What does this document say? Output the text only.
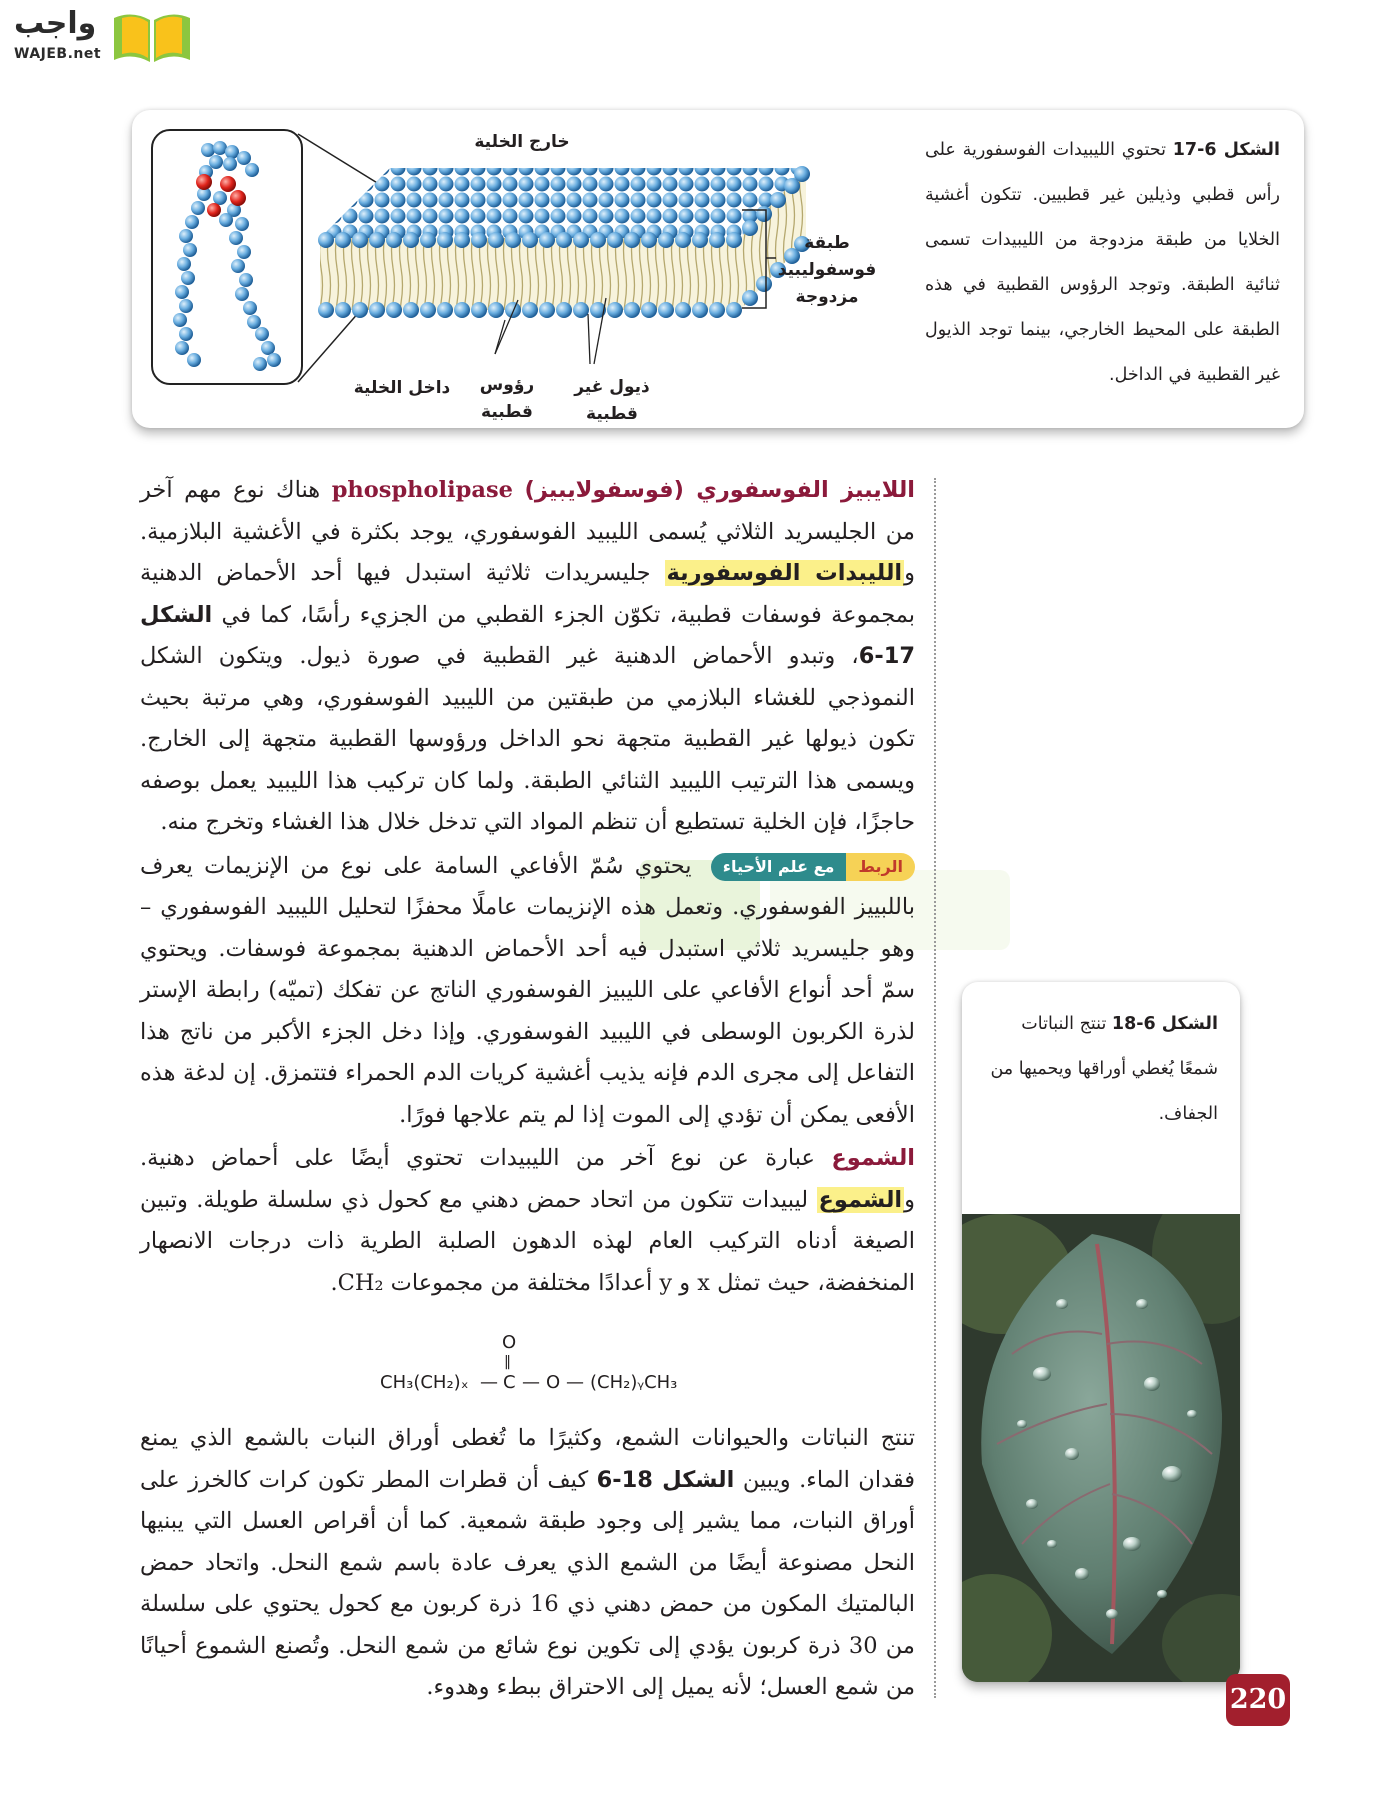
واجب
WAJEB.net
الشكل 6-17 تحتوي الليبيدات الفوسفورية على رأس قطبي وذيلين غير قطبيين. تتكون أغشية الخلايا من طبقة مزدوجة من الليبيدات تسمى ثنائية الطبقة. وتوجد الرؤوس القطبية في هذه الطبقة على المحيط الخارجي، بينما توجد الذيول غير القطبية في الداخل.
خارج الخلية
داخل الخلية
طبقة فوسفوليبيد مزدوجة
رؤوس قطبية
ذيول غير قطبية

اللايبيز الفوسفوري (فوسفولايبيز) phospholipase هناك نوع مهم آخر من الجليسريد الثلاثي يُسمى الليبيد الفوسفوري، يوجد بكثرة في الأغشية البلازمية. والليبدات الفوسفورية جليسريدات ثلاثية استبدل فيها أحد الأحماض الدهنية بمجموعة فوسفات قطبية، تكوّن الجزء القطبي من الجزيء رأسًا، كما في الشكل 17-6، وتبدو الأحماض الدهنية غير القطبية في صورة ذيول. ويتكون الشكل النموذجي للغشاء البلازمي من طبقتين من الليبيد الفوسفوري، وهي مرتبة بحيث تكون ذيولها غير القطبية متجهة نحو الداخل ورؤوسها القطبية متجهة إلى الخارج. ويسمى هذا الترتيب الليبيد الثنائي الطبقة. ولما كان تركيب هذا الليبيد يعمل بوصفه حاجزًا، فإن الخلية تستطيع أن تنظم المواد التي تدخل خلال هذا الغشاء وتخرج منه.

الربطمع علم الأحياء يحتوي سُمّ الأفاعي السامة على نوع من الإنزيمات يعرف باللبييز الفوسفوري. وتعمل هذه الإنزيمات عاملًا محفزًا لتحليل الليبيد الفوسفوري – وهو جليسريد ثلاثي استبدل فيه أحد الأحماض الدهنية بمجموعة فوسفات. ويحتوي سمّ أحد أنواع الأفاعي على الليبيز الفوسفوري الناتج عن تفكك (تميّه) رابطة الإستر لذرة الكربون الوسطى في الليبيد الفوسفوري. وإذا دخل الجزء الأكبر من ناتج هذا التفاعل إلى مجرى الدم فإنه يذيب أغشية كريات الدم الحمراء فتتمزق. إن لدغة هذه الأفعى يمكن أن تؤدي إلى الموت إذا لم يتم علاجها فورًا.

الشموع عبارة عن نوع آخر من الليبيدات تحتوي أيضًا على أحماض دهنية. والشموع ليبيدات تتكون من اتحاد حمض دهني مع كحول ذي سلسلة طويلة. وتبين الصيغة أدناه التركيب العام لهذه الدهون الصلبة الطرية ذات درجات الانصهار المنخفضة، حيث تمثل x و y أعدادًا مختلفة من مجموعات CH₂.

تنتج النباتات والحيوانات الشمع، وكثيرًا ما تُغطى أوراق النبات بالشمع الذي يمنع فقدان الماء. ويبين الشكل 18-6 كيف أن قطرات المطر تكون كرات كالخرز على أوراق النبات، مما يشير إلى وجود طبقة شمعية. كما أن أقراص العسل التي يبنيها النحل مصنوعة أيضًا من الشمع الذي يعرف عادة باسم شمع النحل. واتحاد حمض البالمتيك المكون من حمض دهني ذي 16 ذرة كربون مع كحول يحتوي على سلسلة من 30 ذرة كربون يؤدي إلى تكوين نوع شائع من شمع النحل. وتُصنع الشموع أحيانًا من شمع العسل؛ لأنه يميل إلى الاحتراق ببطء وهدوء.

O
‖
CH₃(CH₂)ₓ — C — O — (CH₂)ᵧCH₃
الشكل 6-18 تنتج النباتات شمعًا يُغطي أوراقها ويحميها من الجفاف.
220
